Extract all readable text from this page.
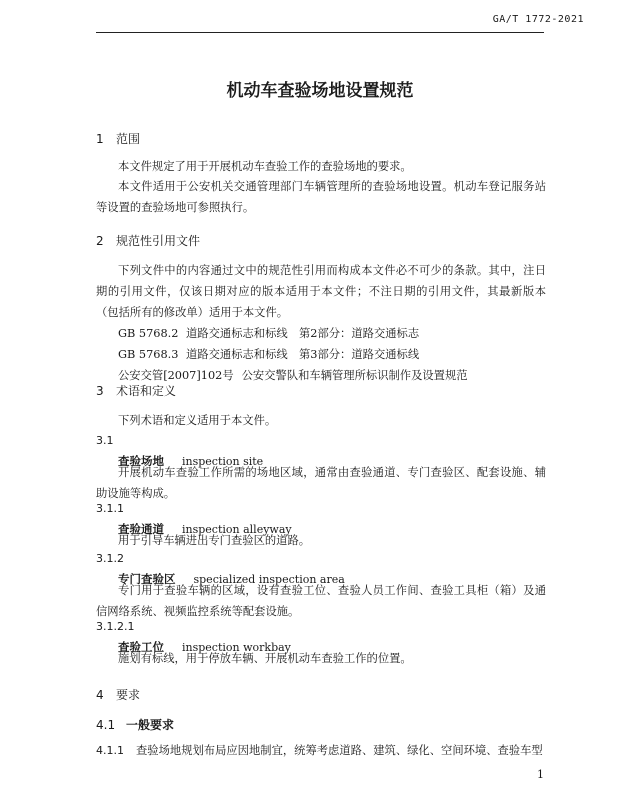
GA/T 1772-2021
机动车查验场地设置规范
1 范围
本文件规定了用于开展机动车查验工作的查验场地的要求。
本文件适用于公安机关交通管理部门车辆管理所的查验场地设置。机动车登记服务站等设置的查验场地可参照执行。
2 规范性引用文件
下列文件中的内容通过文中的规范性引用而构成本文件必不可少的条款。其中，注日期的引用文件，仅该日期对应的版本适用于本文件；不注日期的引用文件，其最新版本（包括所有的修改单）适用于本文件。
GB 5768.2 道路交通标志和标线　第2部分：道路交通标志
GB 5768.3 道路交通标志和标线　第3部分：道路交通标线
公安交管[2007]102号 公安交警队和车辆管理所标识制作及设置规范
3 术语和定义
下列术语和定义适用于本文件。
3.1
查验场地 inspection site
开展机动车查验工作所需的场地区域，通常由查验通道、专门查验区、配套设施、辅助设施等构成。
3.1.1
查验通道 inspection alleyway
用于引导车辆进出专门查验区的道路。
3.1.2
专门查验区 specialized inspection area
专门用于查验车辆的区域，设有查验工位、查验人员工作间、查验工具柜（箱）及通信网络系统、视频监控系统等配套设施。
3.1.2.1
查验工位 inspection workbay
施划有标线，用于停放车辆、开展机动车查验工作的位置。
4 要求
4.1 一般要求
4.1.1 查验场地规划布局应因地制宜，统筹考虑道路、建筑、绿化、空间环境、查验车型
1
